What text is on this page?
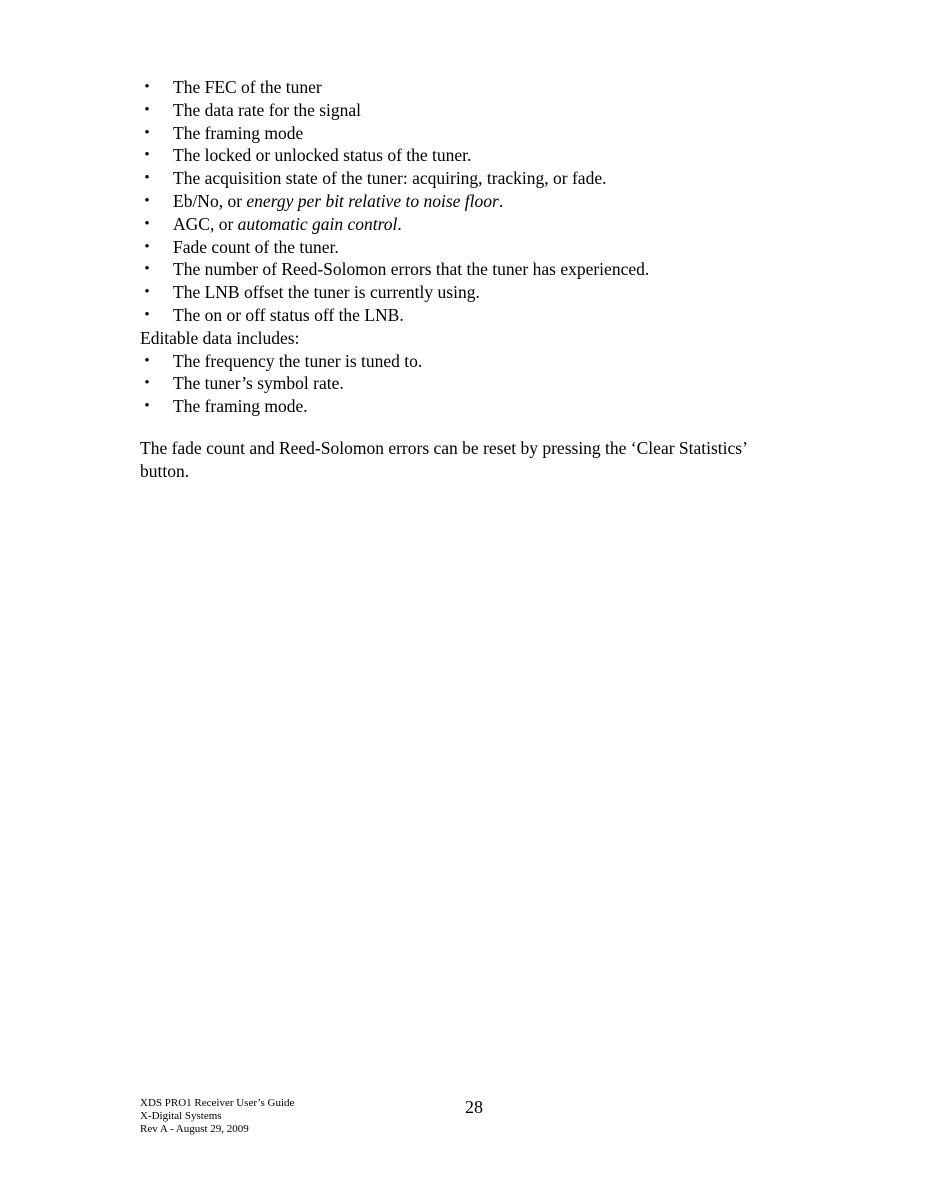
• The FEC of the tuner
• The data rate for the signal
• The framing mode
• The locked or unlocked status of the tuner.
• The acquisition state of the tuner: acquiring, tracking, or fade.
• Eb/No, or energy per bit relative to noise floor.
• AGC, or automatic gain control.
• Fade count of the tuner.
• The number of Reed-Solomon errors that the tuner has experienced.
• The LNB offset the tuner is currently using.
• The on or off status off the LNB.

Editable data includes:

• The frequency the tuner is tuned to.
• The tuner’s symbol rate.
• The framing mode.

The fade count and Reed-Solomon errors can be reset by pressing the ‘Clear Statistics’
button.

XDS PRO1 Receiver User’s Guide
X-Digital Systems
Rev A - August 29, 2009
28
